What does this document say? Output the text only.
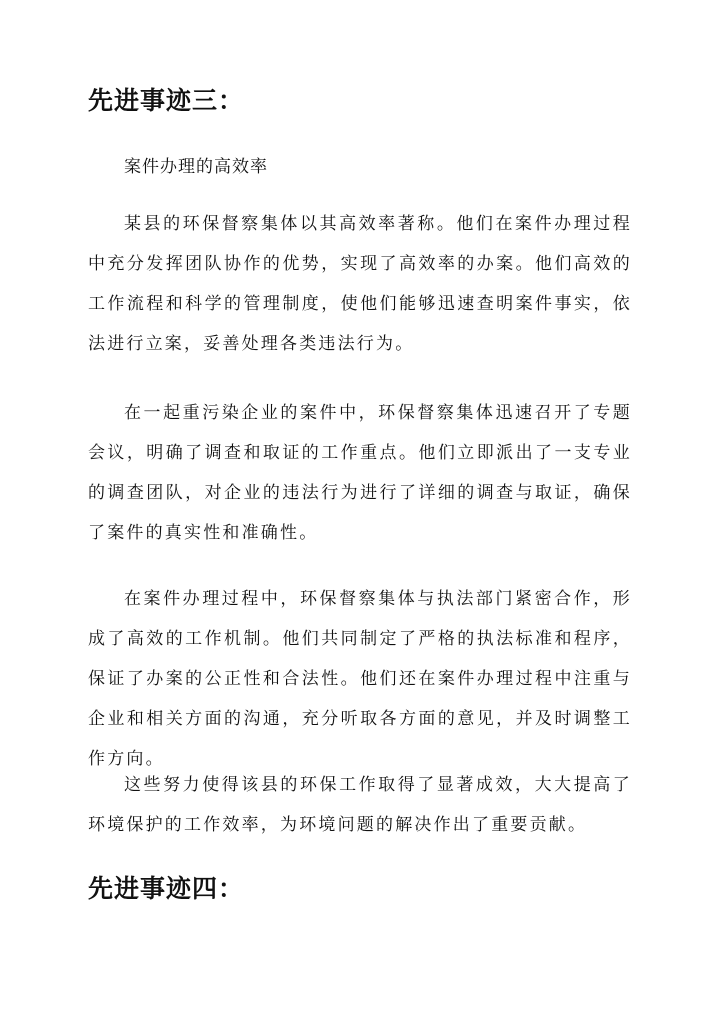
先进事迹三：

案件办理的高效率

某县的环保督察集体以其高效率著称。他们在案件办理过程中充分发挥团队协作的优势，实现了高效率的办案。他们高效的工作流程和科学的管理制度，使他们能够迅速查明案件事实，依法进行立案，妥善处理各类违法行为。

在一起重污染企业的案件中，环保督察集体迅速召开了专题会议，明确了调查和取证的工作重点。他们立即派出了一支专业的调查团队，对企业的违法行为进行了详细的调查与取证，确保了案件的真实性和准确性。

在案件办理过程中，环保督察集体与执法部门紧密合作，形成了高效的工作机制。他们共同制定了严格的执法标准和程序，保证了办案的公正性和合法性。他们还在案件办理过程中注重与企业和相关方面的沟通，充分听取各方面的意见，并及时调整工作方向。

这些努力使得该县的环保工作取得了显著成效，大大提高了环境保护的工作效率，为环境问题的解决作出了重要贡献。

先进事迹四：
